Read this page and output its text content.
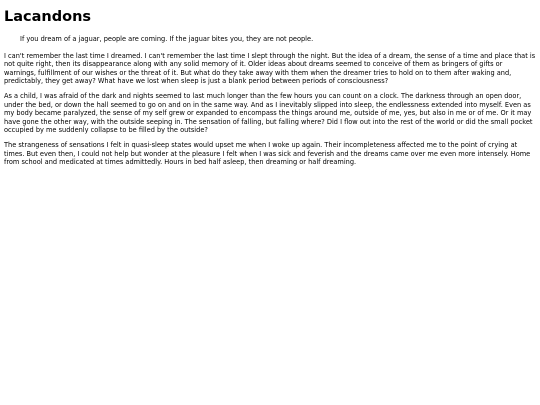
Lacandons

If you dream of a jaguar, people are coming. If the jaguar bites you, they are not people.

I can't remember the last time I dreamed. I can't remember the last time I slept through the night. But the idea of a dream, the sense of a time and place that is not quite right, then its disappearance along with any solid memory of it. Older ideas about dreams seemed to conceive of them as bringers of gifts or warnings, fulfillment of our wishes or the threat of it. But what do they take away with them when the dreamer tries to hold on to them after waking and, predictably, they get away? What have we lost when sleep is just a blank period between periods of consciousness?

As a child, I was afraid of the dark and nights seemed to last much longer than the few hours you can count on a clock. The darkness through an open door, under the bed, or down the hall seemed to go on and on in the same way. And as I inevitably slipped into sleep, the endlessness extended into myself. Even as my body became paralyzed, the sense of my self grew or expanded to encompass the things around me, outside of me, yes, but also in me or of me. Or it may have gone the other way, with the outside seeping in. The sensation of falling, but falling where? Did I flow out into the rest of the world or did the small pocket occupied by me suddenly collapse to be filled by the outside?

The strangeness of sensations I felt in quasi-sleep states would upset me when I woke up again. Their incompleteness affected me to the point of crying at times. But even then, I could not help but wonder at the pleasure I felt when I was sick and feverish and the dreams came over me even more intensely. Home from school and medicated at times admittedly. Hours in bed half asleep, then dreaming or half dreaming.
